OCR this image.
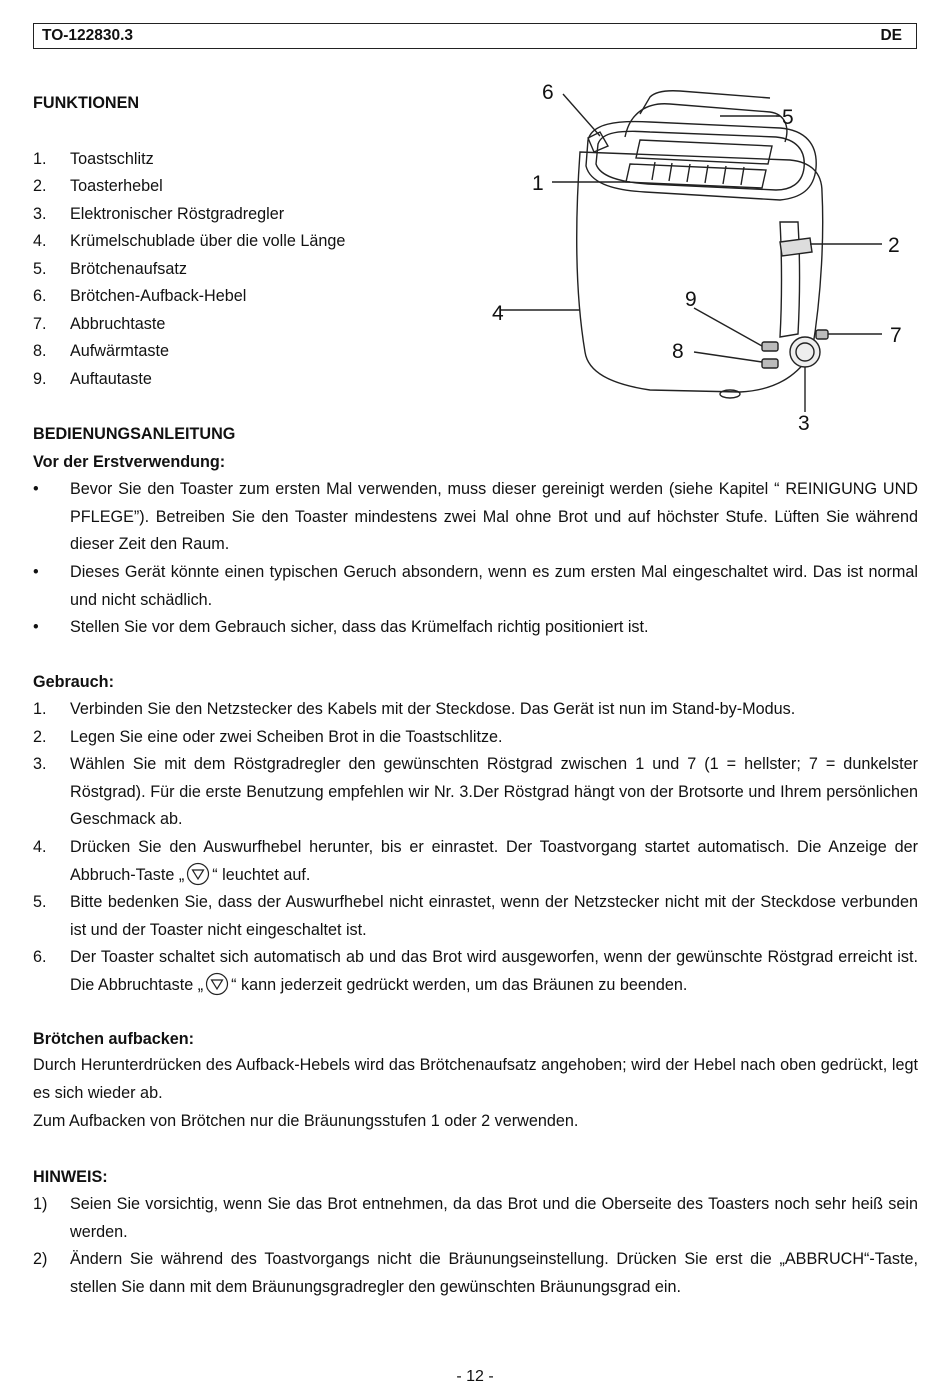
TO-122830.3	DE
FUNKTIONEN
1. Toastschlitz
2. Toasterhebel
3. Elektronischer Röstgradregler
4. Krümelschublade über die volle Länge
5. Brötchenaufsatz
6. Brötchen-Aufback-Hebel
7. Abbruchtaste
8. Aufwärmtaste
9. Auftautaste
6
5
1
2
9
4
7
8
3
BEDIENUNGSANLEITUNG
Vor der Erstverwendung:
• Bevor Sie den Toaster zum ersten Mal verwenden, muss dieser gereinigt werden (siehe Kapitel “ REINIGUNG UND PFLEGE”). Betreiben Sie den Toaster mindestens zwei Mal ohne Brot und auf höchster Stufe. Lüften Sie während dieser Zeit den Raum.
• Dieses Gerät könnte einen typischen Geruch absondern, wenn es zum ersten Mal eingeschaltet wird. Das ist normal und nicht schädlich.
• Stellen Sie vor dem Gebrauch sicher, dass das Krümelfach richtig positioniert ist.
Gebrauch:
1. Verbinden Sie den Netzstecker des Kabels mit der Steckdose. Das Gerät ist nun im Stand-by-Modus.
2. Legen Sie eine oder zwei Scheiben Brot in die Toastschlitze.
3. Wählen Sie mit dem Röstgradregler den gewünschten Röstgrad zwischen 1 und 7 (1 = hellster; 7 = dunkelster Röstgrad). Für die erste Benutzung empfehlen wir Nr. 3.Der Röstgrad hängt von der Brotsorte und Ihrem persönlichen Geschmack ab.
4. Drücken Sie den Auswurfhebel herunter, bis er einrastet. Der Toastvorgang startet automatisch. Die Anzeige der Abbruch-Taste „ “ leuchtet auf.
5. Bitte bedenken Sie, dass der Auswurfhebel nicht einrastet, wenn der Netzstecker nicht mit der Steckdose verbunden ist und der Toaster nicht eingeschaltet ist.
6. Der Toaster schaltet sich automatisch ab und das Brot wird ausgeworfen, wenn der gewünschte Röstgrad erreicht ist. Die Abbruchtaste „ “ kann jederzeit gedrückt werden, um das Bräunen zu beenden.
Brötchen aufbacken:
Durch Herunterdrücken des Aufback-Hebels wird das Brötchenaufsatz angehoben; wird der Hebel nach oben gedrückt, legt es sich wieder ab.
Zum Aufbacken von Brötchen nur die Bräunungsstufen 1 oder 2 verwenden.
HINWEIS:
1) Seien Sie vorsichtig, wenn Sie das Brot entnehmen, da das Brot und die Oberseite des Toasters noch sehr heiß sein werden.
2) Ändern Sie während des Toastvorgangs nicht die Bräunungseinstellung. Drücken Sie erst die „ABBRUCH“-Taste, stellen Sie dann mit dem Bräunungsgradregler den gewünschten Bräunungsgrad ein.
- 12 -
